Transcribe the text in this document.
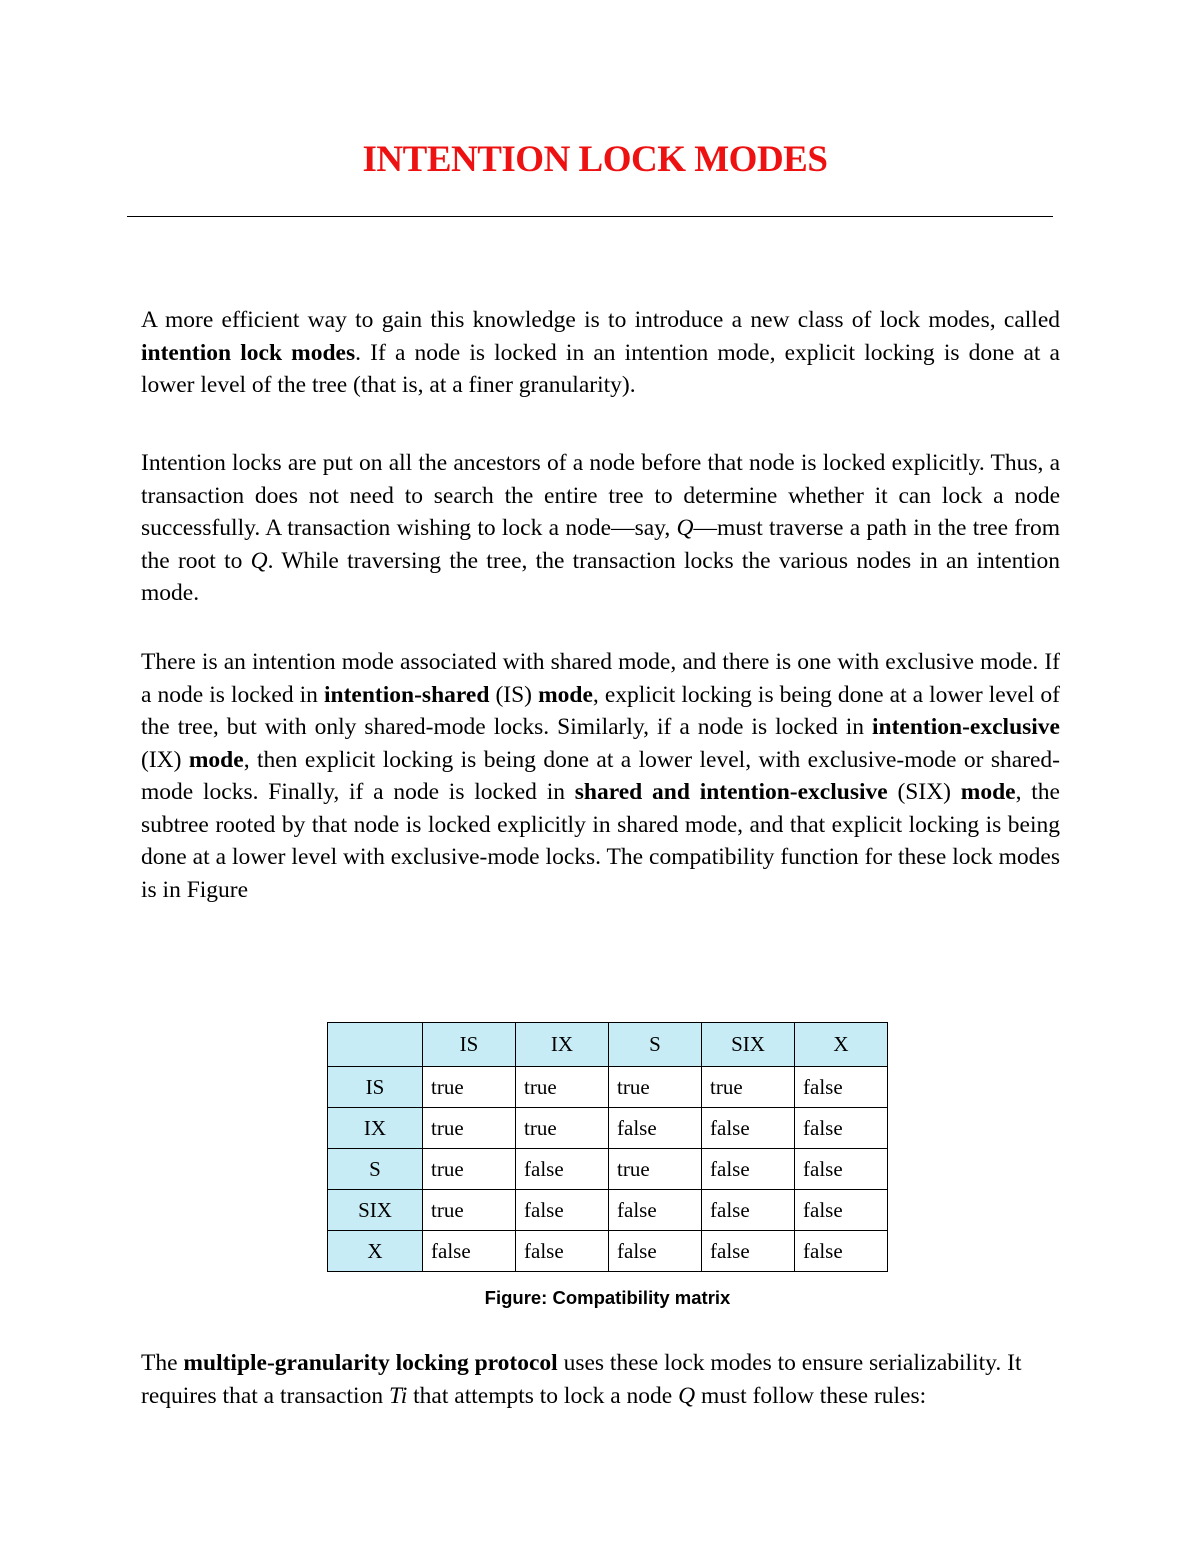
INTENTION LOCK MODES

A more efficient way to gain this knowledge is to introduce a new class of lock modes, called intention lock modes. If a node is locked in an intention mode, explicit locking is done at a lower level of the tree (that is, at a finer granularity).

Intention locks are put on all the ancestors of a node before that node is locked explicitly. Thus, a transaction does not need to search the entire tree to determine whether it can lock a node successfully. A transaction wishing to lock a node—say, Q—must traverse a path in the tree from the root to Q. While traversing the tree, the transaction locks the various nodes in an intention mode.

There is an intention mode associated with shared mode, and there is one with exclusive mode. If a node is locked in intention-shared (IS) mode, explicit locking is being done at a lower level of the tree, but with only shared-mode locks. Similarly, if a node is locked in intention-exclusive (IX) mode, then explicit locking is being done at a lower level, with exclusive-mode or shared-mode locks. Finally, if a node is locked in shared and intention-exclusive (SIX) mode, the subtree rooted by that node is locked explicitly in shared mode, and that explicit locking is being done at a lower level with exclusive-mode locks. The compatibility function for these lock modes is in Figure

	IS	IX	S	SIX	X
IS	true	true	true	true	false
IX	true	true	false	false	false
S	true	false	true	false	false
SIX	true	false	false	false	false
X	false	false	false	false	false
Figure: Compatibility matrix

The multiple-granularity locking protocol uses these lock modes to ensure serializability. It requires that a transaction Ti that attempts to lock a node Q must follow these rules:
